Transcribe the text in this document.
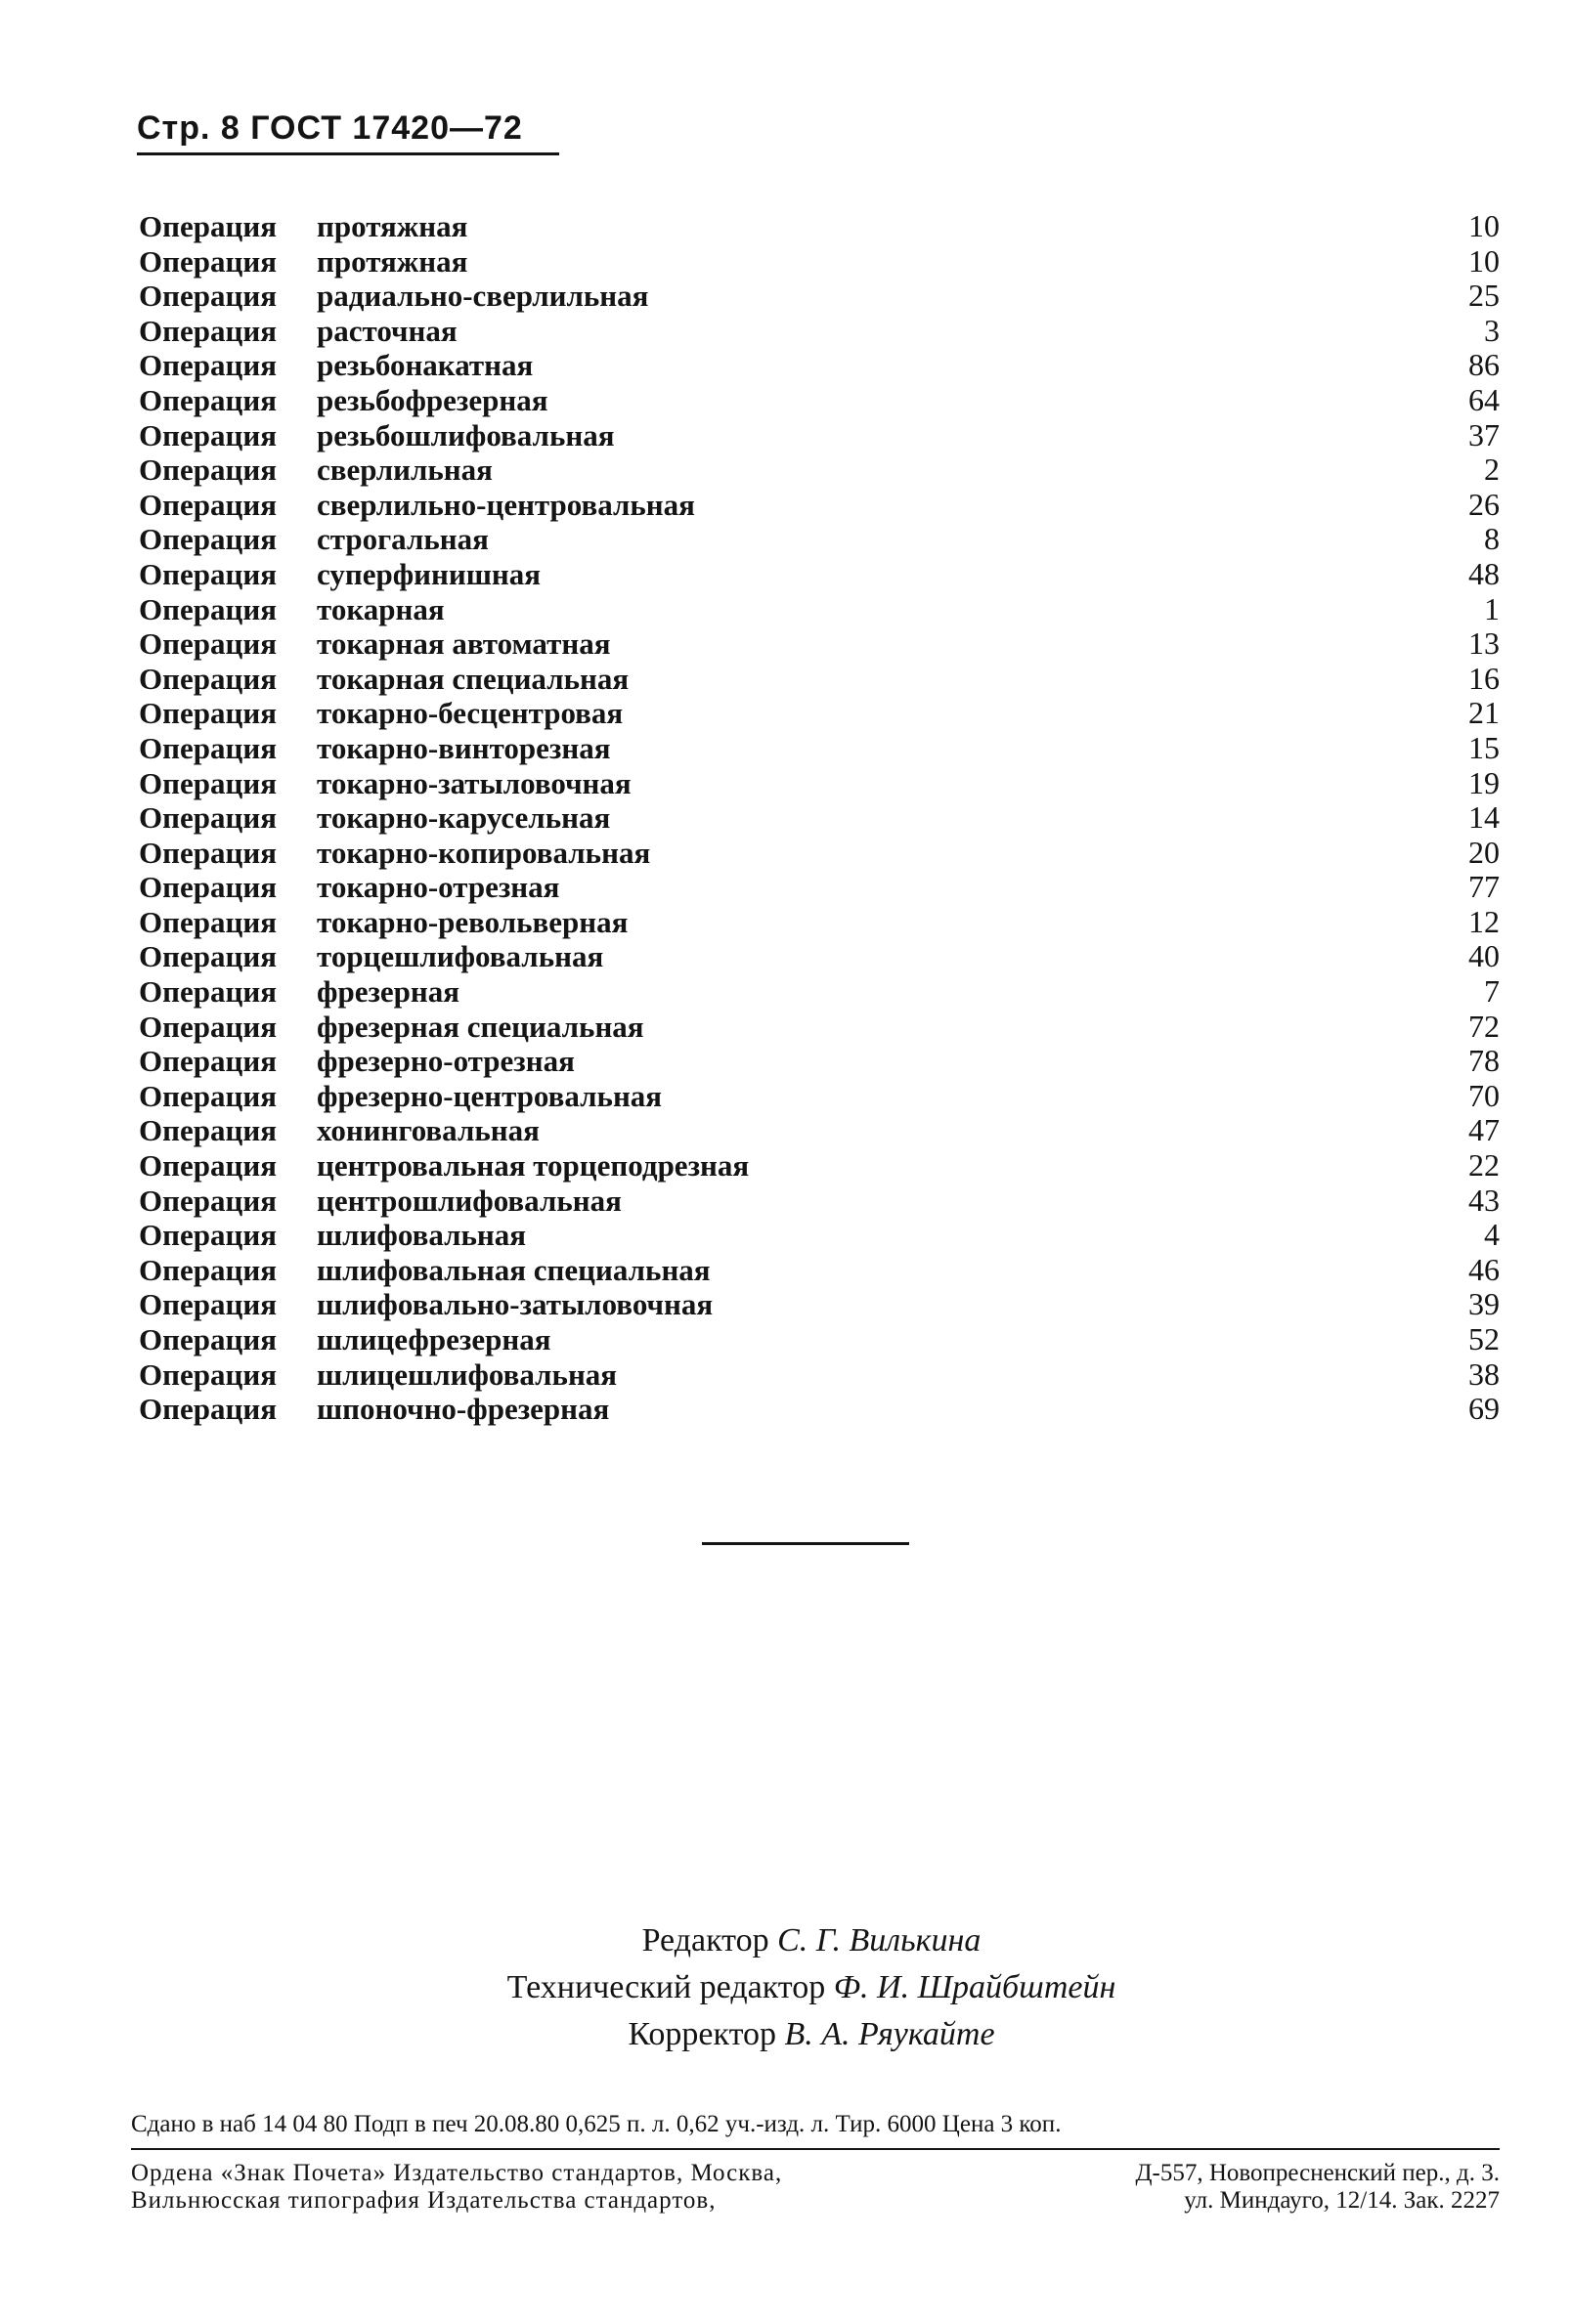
Стр. 8 ГОСТ 17420—72
Операция протяжная	10
Операция протяжная	10
Операция радиально-сверлильная	25
Операция расточная	3
Операция резьбонакатная	86
Операция резьбофрезерная	64
Операция резьбошлифовальная	37
Операция сверлильная	2
Операция сверлильно-центровальная	26
Операция строгальная	8
Операция суперфинишная	48
Операция токарная	1
Операция токарная автоматная	13
Операция токарная специальная	16
Операция токарно-бесцентровая	21
Операция токарно-винторезная	15
Операция токарно-затыловочная	19
Операция токарно-карусельная	14
Операция токарно-копировальная	20
Операция токарно-отрезная	77
Операция токарно-револьверная	12
Операция торцешлифовальная	40
Операция фрезерная	7
Операция фрезерная специальная	72
Операция фрезерно-отрезная	78
Операция фрезерно-центровальная	70
Операция хонинговальная	47
Операция центровальная торцеподрезная	22
Операция центрошлифовальная	43
Операция шлифовальная	4
Операция шлифовальная специальная	46
Операция шлифовально-затыловочная	39
Операция шлицефрезерная	52
Операция шлицешлифовальная	38
Операция шпоночно-фрезерная	69
Редактор С. Г. Вилькина
Технический редактор Ф. И. Шрайбштейн
Корректор В. А. Ряукайте
Сдано в наб 14 04 80 Подп в печ 20.08.80 0,625 п. л. 0,62 уч.-изд. л. Тир. 6000 Цена 3 коп.
Ордена «Знак Почета» Издательство стандартов, Москва,	Д-557, Новопресненский пер., д. 3.
Вильнюсская типография Издательства стандартов,	ул. Миндауго, 12/14. Зак. 2227
